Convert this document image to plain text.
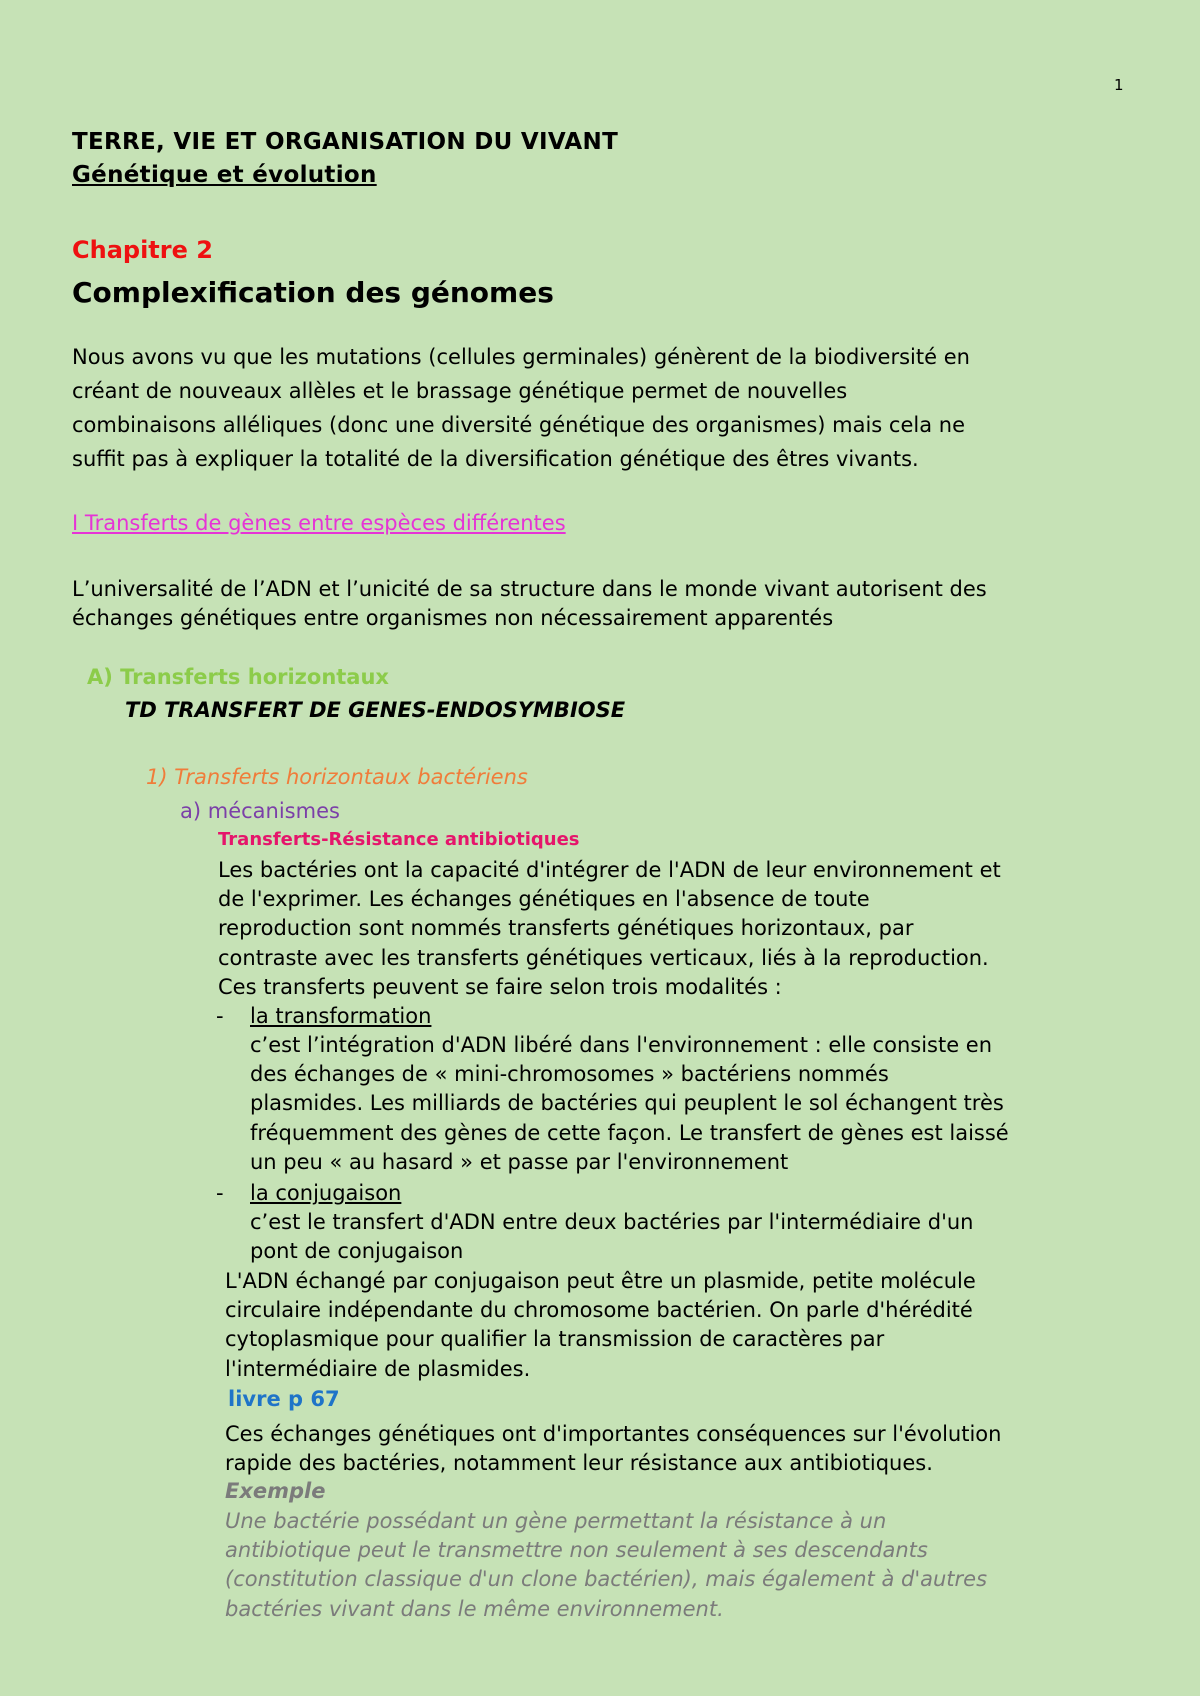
1
TERRE, VIE ET ORGANISATION DU VIVANT
Génétique et évolution
Chapitre 2
Complexification des génomes
Nous avons vu que les mutations (cellules germinales) génèrent de la biodiversité en
créant de nouveaux allèles et le brassage génétique permet de nouvelles
combinaisons alléliques (donc une diversité génétique des organismes) mais cela ne
suffit pas à expliquer la totalité de la diversification génétique des êtres vivants.
I Transferts de gènes entre espèces différentes
L’universalité de l’ADN et l’unicité de sa structure dans le monde vivant autorisent des
échanges génétiques entre organismes non nécessairement apparentés
A) Transferts horizontaux
TD TRANSFERT DE GENES-ENDOSYMBIOSE
1) Transferts horizontaux bactériens
a) mécanismes
Transferts-Résistance antibiotiques
Les bactéries ont la capacité d'intégrer de l'ADN de leur environnement et
de l'exprimer. Les échanges génétiques en l'absence de toute
reproduction sont nommés transferts génétiques horizontaux, par
contraste avec les transferts génétiques verticaux, liés à la reproduction.
Ces transferts peuvent se faire selon trois modalités :
- la transformation
c’est l’intégration d'ADN libéré dans l'environnement : elle consiste en
des échanges de « mini-chromosomes » bactériens nommés
plasmides. Les milliards de bactéries qui peuplent le sol échangent très
fréquemment des gènes de cette façon. Le transfert de gènes est laissé
un peu « au hasard » et passe par l'environnement
- la conjugaison
c’est le transfert d'ADN entre deux bactéries par l'intermédiaire d'un
pont de conjugaison
L'ADN échangé par conjugaison peut être un plasmide, petite molécule
circulaire indépendante du chromosome bactérien. On parle d'hérédité
cytoplasmique pour qualifier la transmission de caractères par
l'intermédiaire de plasmides.
livre p 67
Ces échanges génétiques ont d'importantes conséquences sur l'évolution
rapide des bactéries, notamment leur résistance aux antibiotiques.
Exemple
Une bactérie possédant un gène permettant la résistance à un
antibiotique peut le transmettre non seulement à ses descendants
(constitution classique d'un clone bactérien), mais également à d'autres
bactéries vivant dans le même environnement.
